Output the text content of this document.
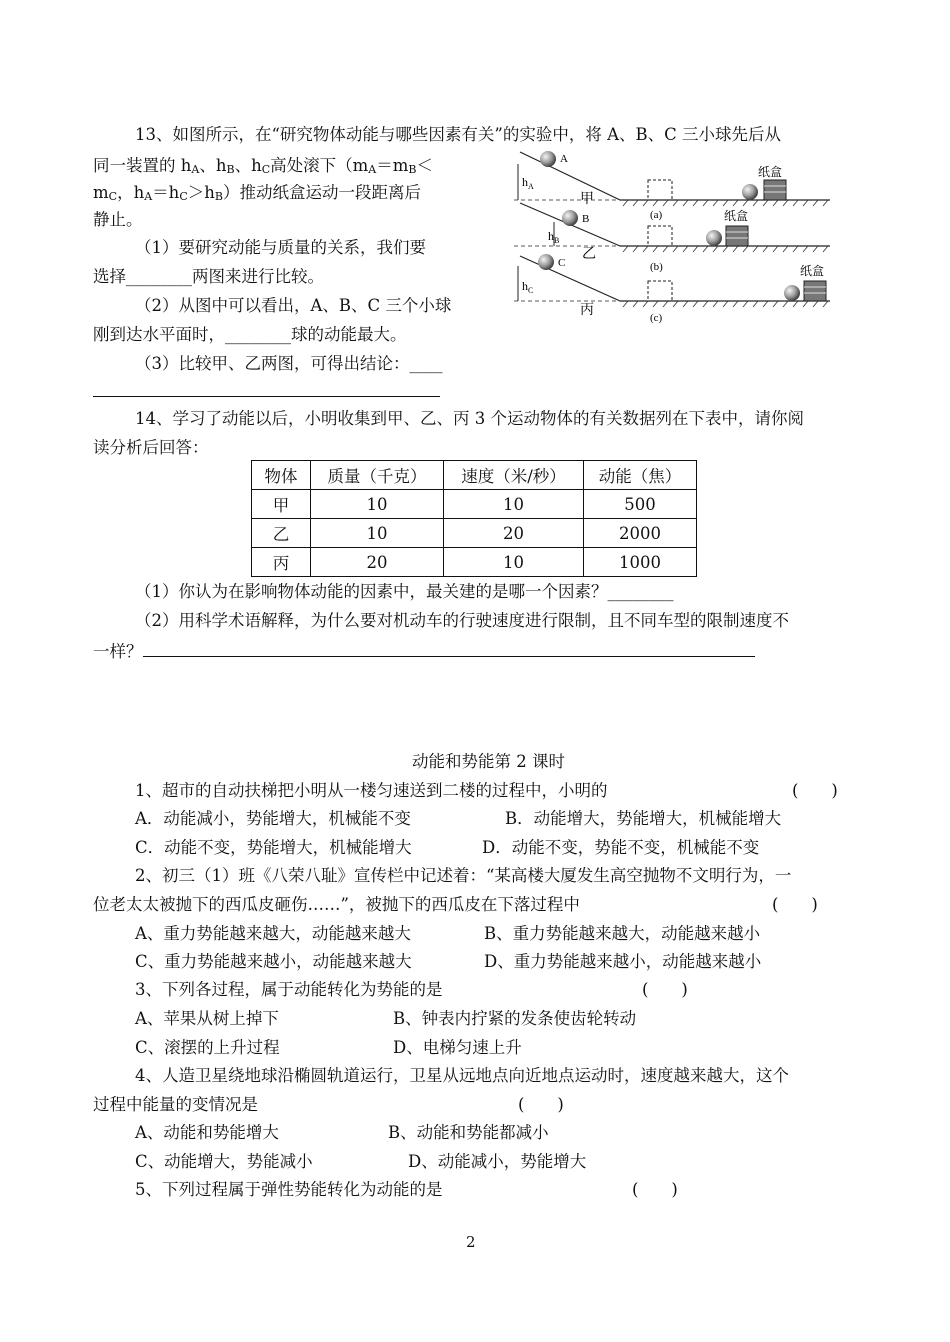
13、如图所示，在“研究物体动能与哪些因素有关”的实验中，将 A、B、C 三小球先后从
同一装置的 $h_A$、$h_B$、$h_C$高处滚下（$m_A=m_B<$
$m_C$，$h_A=h_C>h_B$）推动纸盒运动一段距离后
静止。
（1）要研究动能与质量的关系，我们要
选择________两图来进行比较。
（2）从图中可以看出，A、B、C 三个小球
刚到达水平面时，________球的动能最大。
（3）比较甲、乙两图，可得出结论：____
A
$h_A$
甲
(a)
纸盒
B
$h_B$
乙
(b)
纸盒
C
$h_C$
丙	(c)
纸盒
14、学习了动能以后，小明收集到甲、乙、丙 3 个运动物体的有关数据列在下表中，请你阅
读分析后回答：
物体	质量（千克）	速度（米/秒）	动能（焦）
甲	10	10	500
乙	10	20	2000
丙	20	10	1000
（1）你认为在影响物体动能的因素中，最关建的是哪一个因素？________
（2）用科学术语解释，为什么要对机动车的行驶速度进行限制，且不同车型的限制速度不
一样？
动能和势能第 2 课时
1、超市的自动扶梯把小明从一楼匀速送到二楼的过程中，小明的	(　　)
A．动能减小，势能增大，机械能不变	B．动能增大，势能增大，机械能增大
C．动能不变，势能增大，机械能增大	D．动能不变，势能不变，机械能不变
2、初三（1）班《八荣八耻》宣传栏中记述着：“某高楼大厦发生高空抛物不文明行为，一
位老太太被抛下的西瓜皮砸伤……”，被抛下的西瓜皮在下落过程中	(　　)
A、重力势能越来越大，动能越来越大	B、重力势能越来越大，动能越来越小
C、重力势能越来越小，动能越来越大	D、重力势能越来越小，动能越来越小
3、下列各过程，属于动能转化为势能的是	(　　)
A、苹果从树上掉下	B、钟表内拧紧的发条使齿轮转动
C、滚摆的上升过程	D、电梯匀速上升
4、人造卫星绕地球沿椭圆轨道运行，卫星从远地点向近地点运动时，速度越来越大，这个
过程中能量的变情况是	(　　)
A、动能和势能增大	B、动能和势能都减小
C、动能增大，势能减小	D、动能减小，势能增大
5、下列过程属于弹性势能转化为动能的是	(　　)
2
